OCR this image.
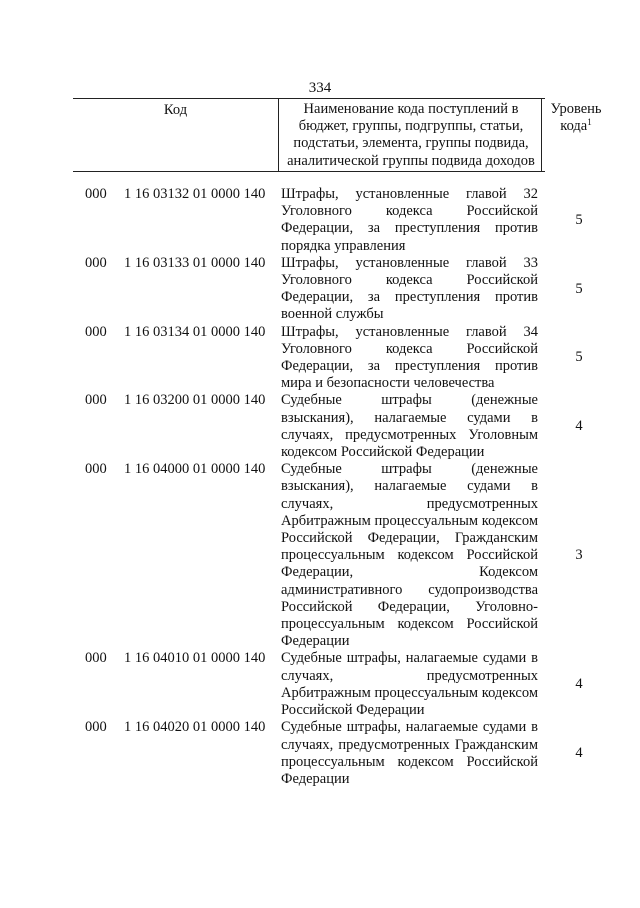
334
Код	Наименование кода поступлений в бюджет, группы, подгруппы, статьи, подстатьи, элемента, группы подвида, аналитической группы подвида доходов
Уровень кода$^1$
000 1 16 03132 01 0000 140 Штрафы, установленные главой 32 Уголовного кодекса Российской Федерации, за преступления против порядка управления
5
000 1 16 03133 01 0000 140 Штрафы, установленные главой 33 Уголовного кодекса Российской Федерации, за преступления против военной службы
5
000 1 16 03134 01 0000 140 Штрафы, установленные главой 34 Уголовного кодекса Российской Федерации, за преступления против мира и безопасности человечества
5
000 1 16 03200 01 0000 140 Судебные штрафы (денежные взыскания), налагаемые судами в случаях, предусмотренных Уголовным кодексом Российской Федерации
4
000 1 16 04000 01 0000 140 Судебные штрафы (денежные взыскания), налагаемые судами в случаях, предусмотренных Арбитражным процессуальным кодексом Российской Федерации, Гражданским процессуальным кодексом Российской Федерации, Кодексом административного судопроизводства Российской Федерации, Уголовно-процессуальным кодексом Российской Федерации
3
000 1 16 04010 01 0000 140 Судебные штрафы, налагаемые судами в случаях, предусмотренных Арбитражным процессуальным кодексом Российской Федерации
4
000 1 16 04020 01 0000 140 Судебные штрафы, налагаемые судами в случаях, предусмотренных Гражданским процессуальным кодексом Российской Федерации
4
